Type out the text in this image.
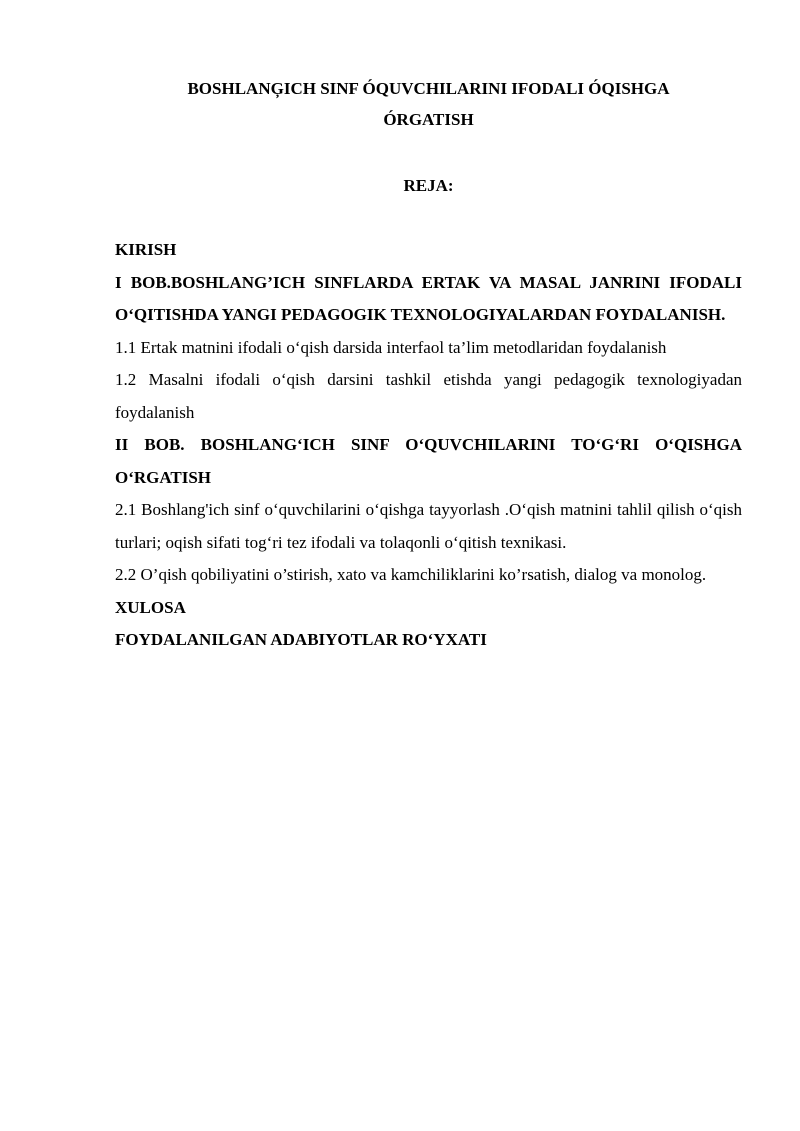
BOSHLANĢICH SINF ÓQUVCHILARINI IFODALI ÓQISHGA
ÓRGATISH
REJA:

KIRISH

I BOB.BOSHLANG’ICH SINFLARDA ERTAK VA MASAL JANRINI IFODALI O‘QITISHDA YANGI PEDAGOGIK TEXNOLOGIYALARDAN FOYDALANISH.

1.1 Ertak matnini ifodali o‘qish darsida interfaol ta’lim metodlaridan foydalanish

1.2 Masalni ifodali o‘qish darsini tashkil etishda yangi pedagogik texnologiyadan foydalanish

II BOB. BOSHLANG‘ICH SINF O‘QUVCHILARINI TO‘G‘RI O‘QISHGA O‘RGATISH

2.1 Boshlang'ich sinf o‘quvchilarini o‘qishga tayyorlash .O‘qish matnini tahlil qilish o‘qish turlari; oqish sifati tog‘ri tez ifodali va tolaqonli o‘qitish texnikasi.

2.2 O’qish qobiliyatini o’stirish, xato va kamchiliklarini ko’rsatish, dialog va monolog.

XULOSA

FOYDALANILGAN ADABIYOTLAR RO‘YXATI
